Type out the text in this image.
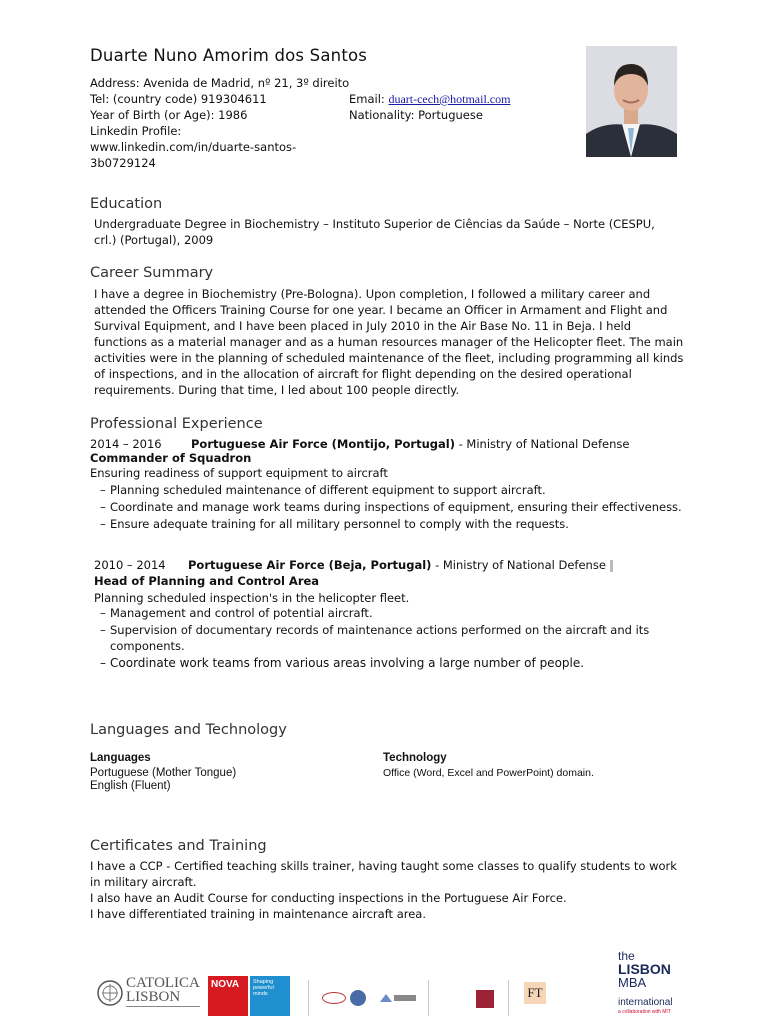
Duarte Nuno Amorim dos Santos
Address: Avenida de Madrid, nº 21, 3º direito
Tel: (country code) 919304611
Year of Birth (or Age): 1986
Linkedin Profile:
www.linkedin.com/in/duarte-santos-
3b0729124
Email: duart-cech@hotmail.com
Nationality: Portuguese
Education
Undergraduate Degree in Biochemistry – Instituto Superior de Ciências da Saúde – Norte (CESPU,
crl.) (Portugal), 2009
Career Summary
I have a degree in Biochemistry (Pre-Bologna). Upon completion, I followed a military career and
attended the Officers Training Course for one year. I became an Officer in Armament and Flight and
Survival Equipment, and I have been placed in July 2010 in the Air Base No. 11 in Beja. I held
functions as a material manager and as a human resources manager of the Helicopter fleet. The main
activities were in the planning of scheduled maintenance of the fleet, including programming all kinds
of inspections, and in the allocation of aircraft for flight depending on the desired operational
requirements. During that time, I led about 100 people directly.
Professional Experience
2014 – 2016	Portuguese Air Force (Montijo, Portugal) - Ministry of National Defense
Commander of Squadron
Ensuring readiness of support equipment to aircraft
– Planning scheduled maintenance of different equipment to support aircraft.
– Coordinate and manage work teams during inspections of equipment, ensuring their effectiveness.
– Ensure adequate training for all military personnel to comply with the requests.
2010 – 2014 Portuguese Air Force (Beja, Portugal) - Ministry of National Defense
Head of Planning and Control Area
Planning scheduled inspection's in the helicopter fleet.
– Management and control of potential aircraft.
– Supervision of documentary records of maintenance actions performed on the aircraft and its
components.
– Coordinate work teams from various areas involving a large number of people.
Languages and Technology
Languages
Portuguese (Mother Tongue)
English (Fluent)
Technology
Office (Word, Excel and PowerPoint) domain.
Certificates and Training
I have a CCP - Certified teaching skills trainer, having taught some classes to qualify students to work
in military aircraft.
I also have an Audit Course for conducting inspections in the Portuguese Air Force.
I have differentiated training in maintenance aircraft area.
CATOLICA
LISBON
NOVA	Shaping powerful minds	FT
the
LISBON
MBA
international
a collaboration with MIT
